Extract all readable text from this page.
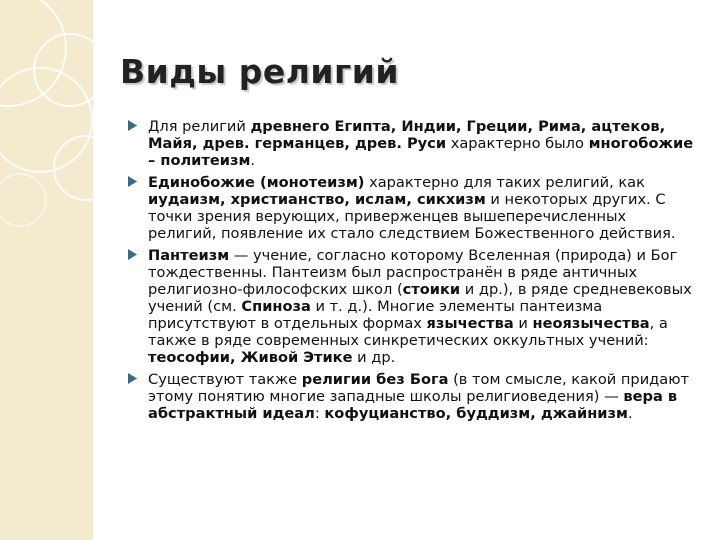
Виды религий
Для религий древнего Египта, Индии, Греции, Рима, ацтеков, Майя, древ. германцев, древ. Руси характерно было многобожие – политеизм.
Единобожие (монотеизм) характерно для таких религий, как иудаизм, христианство, ислам, сикхизм и некоторых других. С точки зрения верующих, приверженцев вышеперечисленных религий, появление их стало следствием Божественного действия.
Пантеизм — учение, согласно которому Вселенная (природа) и Бог тождественны. Пантеизм был распространён в ряде античных религиозно-философских школ (стоики и др.), в ряде средневековых учений (см. Спиноза и т. д.). Многие элементы пантеизма присутствуют в отдельных формах язычества и неоязычества, а также в ряде современных синкретических оккультных учений: теософии, Живой Этике и др.
Существуют также религии без Бога (в том смысле, какой придают этому понятию многие западные школы религиоведения) — вера в абстрактный идеал: кофуцианство, буддизм, джайнизм.
